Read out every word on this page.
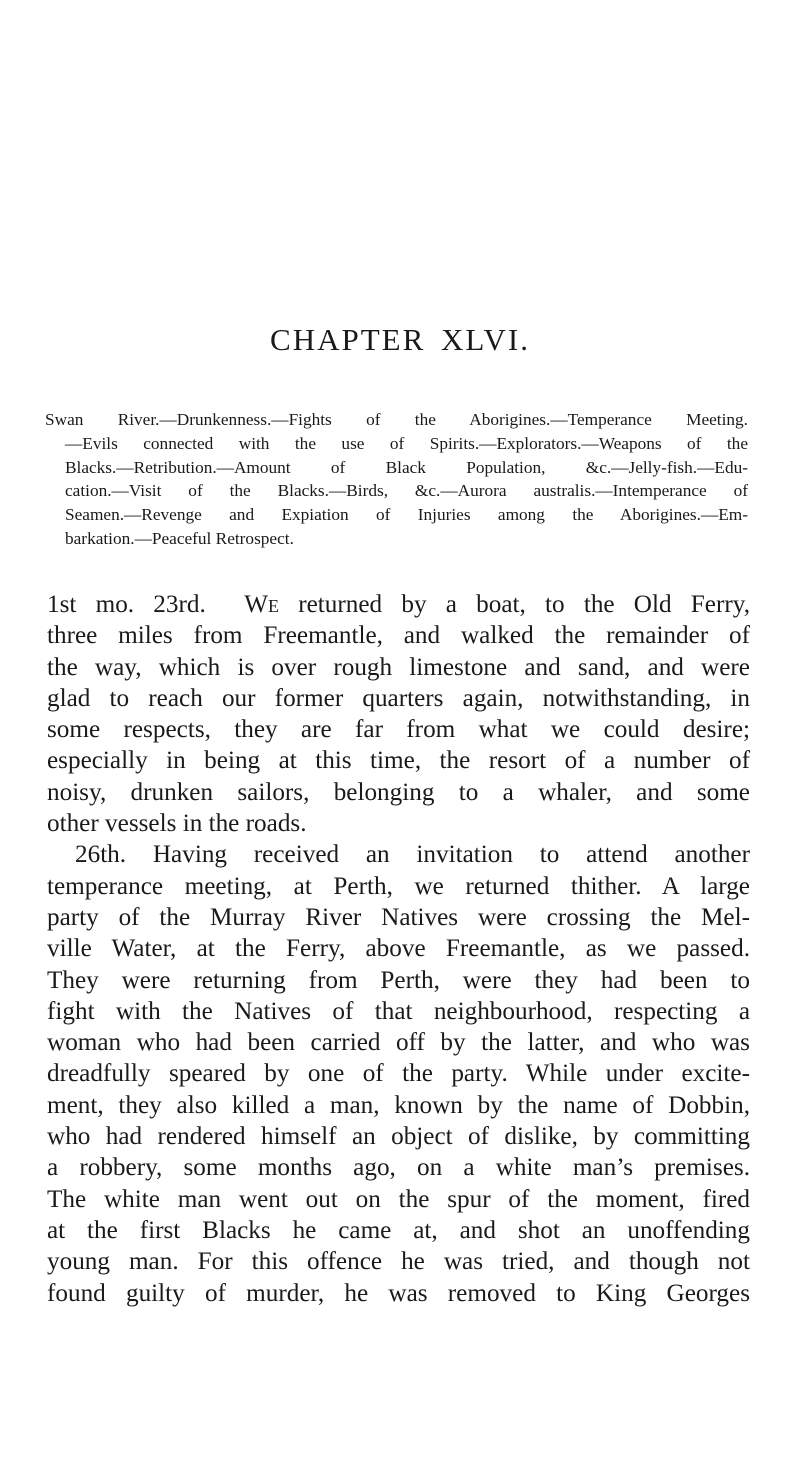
CHAPTER XLVI.
Swan River.—Drunkenness.—Fights of the Aborigines.—Temperance Meeting.
—Evils connected with the use of Spirits.—Explorators.—Weapons of the
Blacks.—Retribution.—Amount of Black Population, &c.—Jelly-fish.—Edu-
cation.—Visit of the Blacks.—Birds, &c.—Aurora australis.—Intemperance of
Seamen.—Revenge and Expiation of Injuries among the Aborigines.—Em-
barkation.—Peaceful Retrospect.
1st mo. 23rd. We returned by a boat, to the Old Ferry,
three miles from Freemantle, and walked the remainder of
the way, which is over rough limestone and sand, and were
glad to reach our former quarters again, notwithstanding, in
some respects, they are far from what we could desire;
especially in being at this time, the resort of a number of
noisy, drunken sailors, belonging to a whaler, and some
other vessels in the roads.
26th. Having received an invitation to attend another
temperance meeting, at Perth, we returned thither. A large
party of the Murray River Natives were crossing the Mel-
ville Water, at the Ferry, above Freemantle, as we passed.
They were returning from Perth, were they had been to
fight with the Natives of that neighbourhood, respecting a
woman who had been carried off by the latter, and who was
dreadfully speared by one of the party. While under excite-
ment, they also killed a man, known by the name of Dobbin,
who had rendered himself an object of dislike, by committing
a robbery, some months ago, on a white man’s premises.
The white man went out on the spur of the moment, fired
at the first Blacks he came at, and shot an unoffending
young man. For this offence he was tried, and though not
found guilty of murder, he was removed to King Georges
